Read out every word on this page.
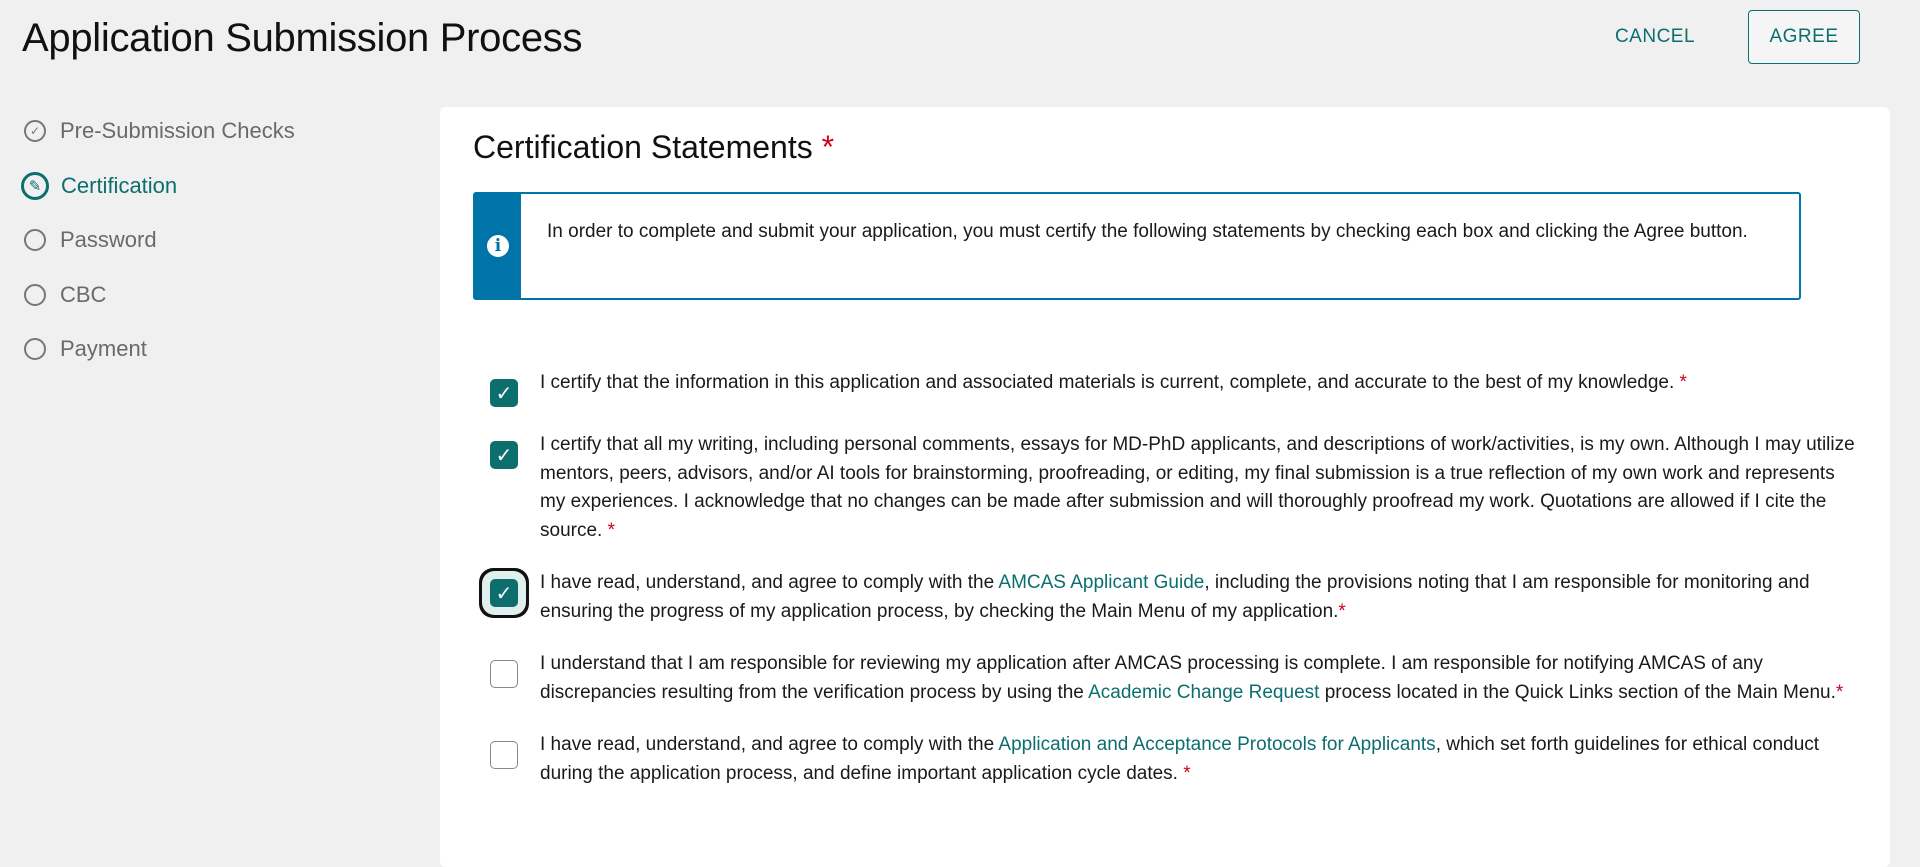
Application Submission Process	CANCEL	AGREE
✓ Pre-Submission Checks
✎ Certification
Password
CBC
Payment
Certification Statements *
i

In order to complete and submit your application, you must certify the following statements by checking each box and clicking the Agree button.

✓ I certify that the information in this application and associated materials is current, complete, and accurate to the best of my knowledge. *
✓ I certify that all my writing, including personal comments, essays for MD-PhD applicants, and descriptions of work/activities, is my own. Although I may utilize mentors, peers, advisors, and/or AI tools for brainstorming, proofreading, or editing, my final submission is a true reflection of my own work and represents my experiences. I acknowledge that no changes can be made after submission and will thoroughly proofread my work. Quotations are allowed if I cite the source. *
✓ I have read, understand, and agree to comply with the AMCAS Applicant Guide, including the provisions noting that I am responsible for monitoring and ensuring the progress of my application process, by checking the Main Menu of my application.*
I understand that I am responsible for reviewing my application after AMCAS processing is complete. I am responsible for notifying AMCAS of any discrepancies resulting from the verification process by using the Academic Change Request process located in the Quick Links section of the Main Menu.*
I have read, understand, and agree to comply with the Application and Acceptance Protocols for Applicants, which set forth guidelines for ethical conduct during the application process, and define important application cycle dates. *
